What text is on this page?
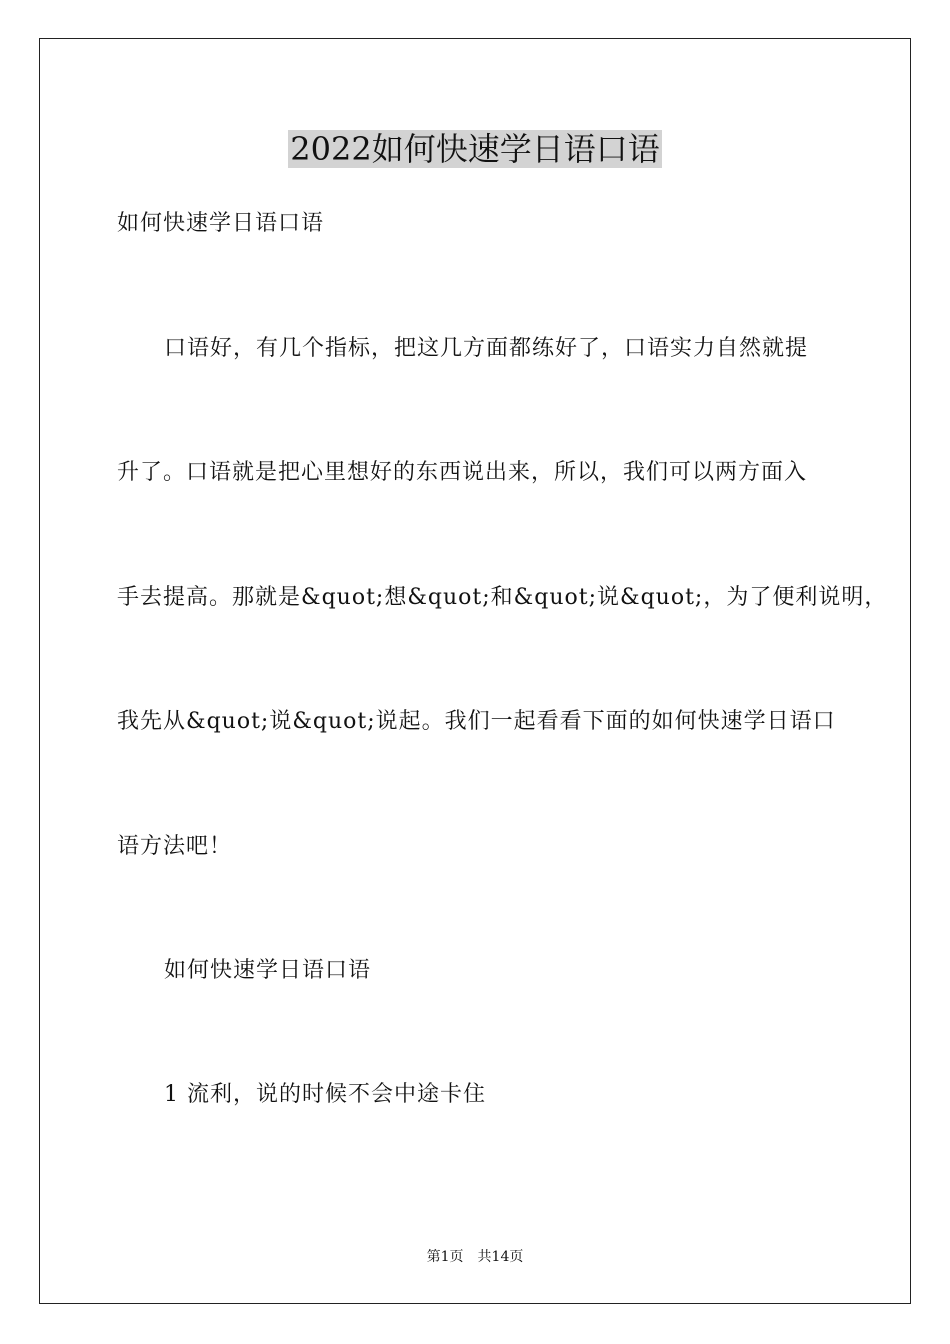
2022如何快速学日语口语
如何快速学日语口语
口语好，有几个指标，把这几方面都练好了，口语实力自然就提
升了。口语就是把心里想好的东西说出来，所以，我们可以两方面入
手去提高。那就是&quot;想&quot;和&quot;说&quot;，为了便利说明，
我先从&quot;说&quot;说起。我们一起看看下面的如何快速学日语口
语方法吧！
如何快速学日语口语
1 流利，说的时候不会中途卡住
第1页 共14页
